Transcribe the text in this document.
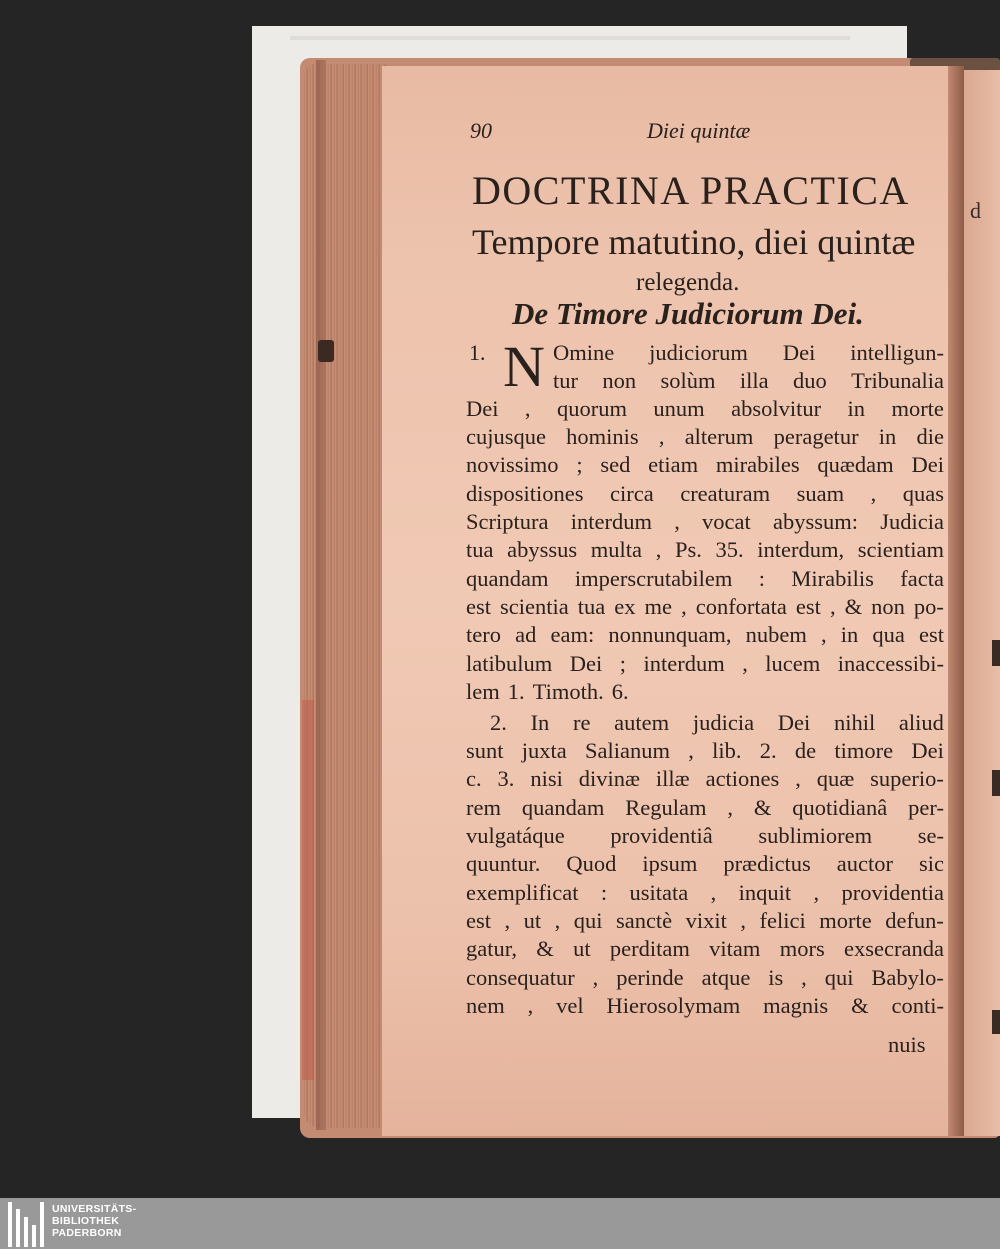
d
90	Diei quintæ
DOCTRINA PRACTICA
Tempore matutino, diei quintæ
relegenda.
De Timore Judiciorum Dei.
1. N Omine judiciorum Dei intelligun-
tur non solùm illa duo Tribunalia
Dei , quorum unum absolvitur in morte
cujusque hominis , alterum peragetur in die
novissimo ; sed etiam mirabiles quædam Dei
dispositiones circa creaturam suam , quas
Scriptura interdum , vocat abyssum: Judicia
tua abyssus multa , Ps. 35. interdum, scientiam
quandam imperscrutabilem : Mirabilis facta
est scientia tua ex me , confortata est , & non po-
tero ad eam: nonnunquam, nubem , in qua est
latibulum Dei ; interdum , lucem inaccessibi-
lem 1. Timoth. 6.
2. In re autem judicia Dei nihil aliud
sunt juxta Salianum , lib. 2. de timore Dei
c. 3. nisi divinæ illæ actiones , quæ superio-
rem quandam Regulam , & quotidianâ per-
vulgatáque providentiâ sublimiorem se-
quuntur. Quod ipsum prædictus auctor sic
exemplificat : usitata , inquit , providentia
est , ut , qui sanctè vixit , felici morte defun-
gatur, & ut perditam vitam mors exsecranda
consequatur , perinde atque is , qui Babylo-
nem , vel Hierosolymam magnis & conti-
nuis
UNIVERSITÄTS-
BIBLIOTHEK
PADERBORN
